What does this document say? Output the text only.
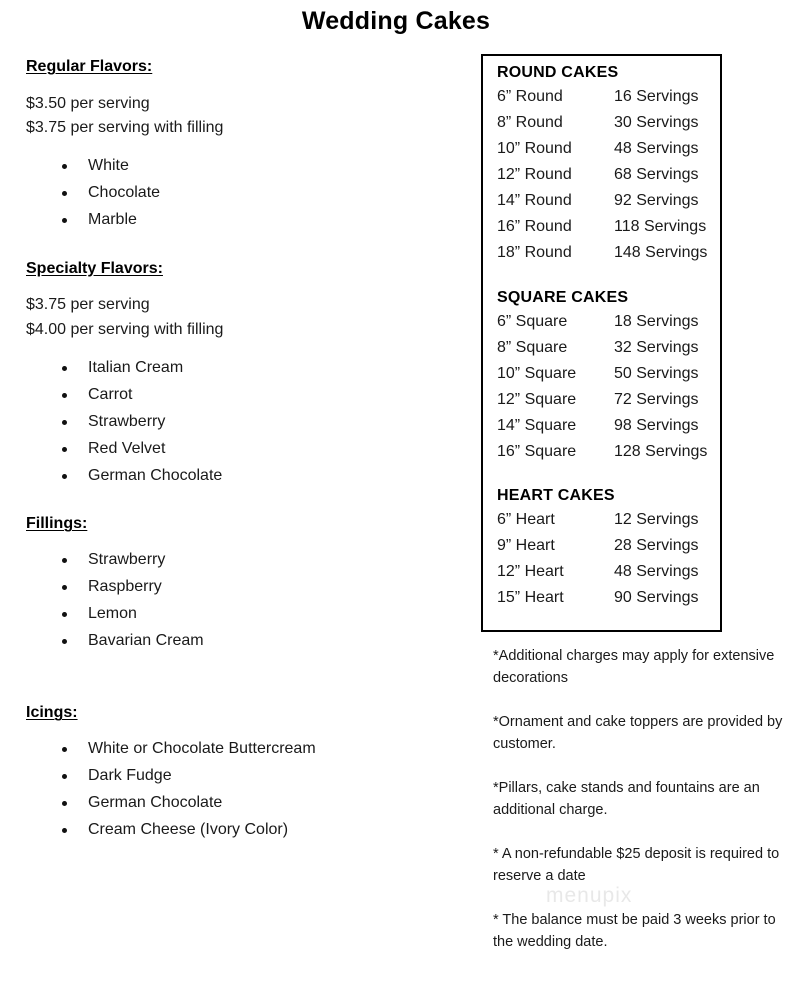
Wedding Cakes
Regular Flavors:

$3.50 per serving

$3.75 per serving with filling

White
Chocolate
Marble
Specialty Flavors:

$3.75 per serving

$4.00 per serving with filling

Italian Cream
Carrot
Strawberry
Red Velvet
German Chocolate
Fillings:
Strawberry
Raspberry
Lemon
Bavarian Cream
Icings:
White or Chocolate Buttercream
Dark Fudge
German Chocolate
Cream Cheese (Ivory Color)
ROUND CAKES
6” Round	16 Servings
8” Round	30 Servings
10” Round	48 Servings
12” Round	68 Servings
14” Round	92 Servings
16” Round	118 Servings
18” Round	148 Servings
SQUARE CAKES
6” Square	18 Servings
8” Square	32 Servings
10” Square	50 Servings
12” Square	72 Servings
14” Square	98 Servings
16” Square	128 Servings
HEART CAKES
6” Heart	12 Servings
9” Heart	28 Servings
12” Heart	48 Servings
15” Heart	90 Servings

*Additional charges may apply for extensive decorations

*Ornament and cake toppers are provided by customer.

*Pillars, cake stands and fountains are an additional charge.

* A non-refundable $25 deposit is required to reserve a date

* The balance must be paid 3 weeks prior to the wedding date.

menupix
